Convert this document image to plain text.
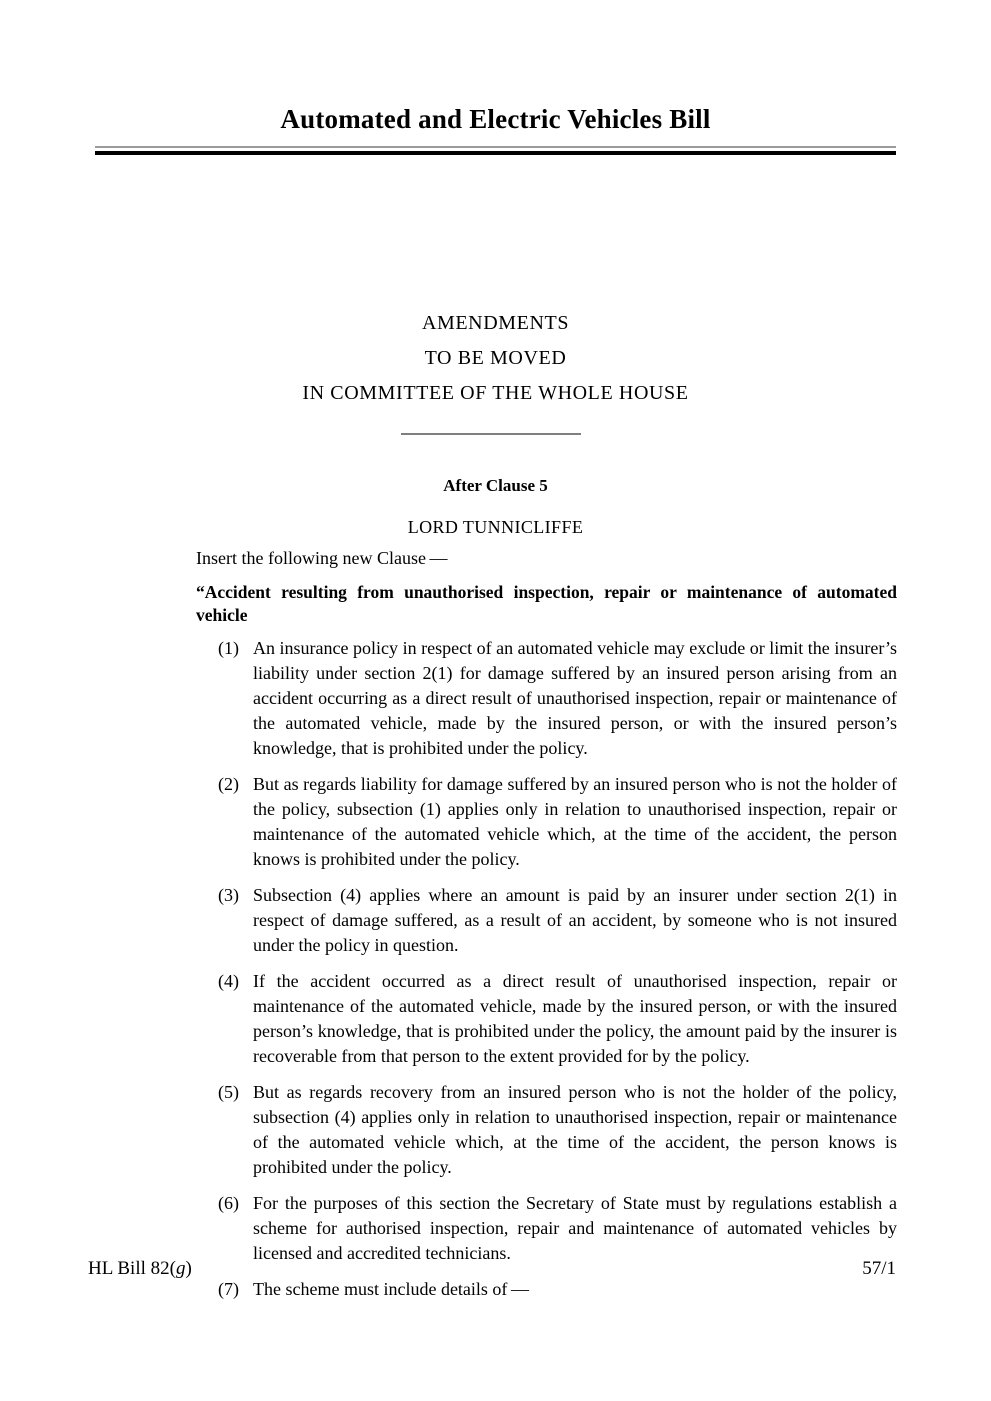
Automated and Electric Vehicles Bill
AMENDMENTS
TO BE MOVED
IN COMMITTEE OF THE WHOLE HOUSE
After Clause 5
LORD TUNNICLIFFE
Insert the following new Clause —
“Accident resulting from unauthorised inspection, repair or maintenance of automated vehicle
(1) An insurance policy in respect of an automated vehicle may exclude or limit the insurer’s liability under section 2(1) for damage suffered by an insured person arising from an accident occurring as a direct result of unauthorised inspection, repair or maintenance of the automated vehicle, made by the insured person, or with the insured person’s knowledge, that is prohibited under the policy.
(2) But as regards liability for damage suffered by an insured person who is not the holder of the policy, subsection (1) applies only in relation to unauthorised inspection, repair or maintenance of the automated vehicle which, at the time of the accident, the person knows is prohibited under the policy.
(3) Subsection (4) applies where an amount is paid by an insurer under section 2(1) in respect of damage suffered, as a result of an accident, by someone who is not insured under the policy in question.
(4) If the accident occurred as a direct result of unauthorised inspection, repair or maintenance of the automated vehicle, made by the insured person, or with the insured person’s knowledge, that is prohibited under the policy, the amount paid by the insurer is recoverable from that person to the extent provided for by the policy.
(5) But as regards recovery from an insured person who is not the holder of the policy, subsection (4) applies only in relation to unauthorised inspection, repair or maintenance of the automated vehicle which, at the time of the accident, the person knows is prohibited under the policy.
(6) For the purposes of this section the Secretary of State must by regulations establish a scheme for authorised inspection, repair and maintenance of automated vehicles by licensed and accredited technicians.
(7) The scheme must include details of —
HL Bill 82(g)	57/1
